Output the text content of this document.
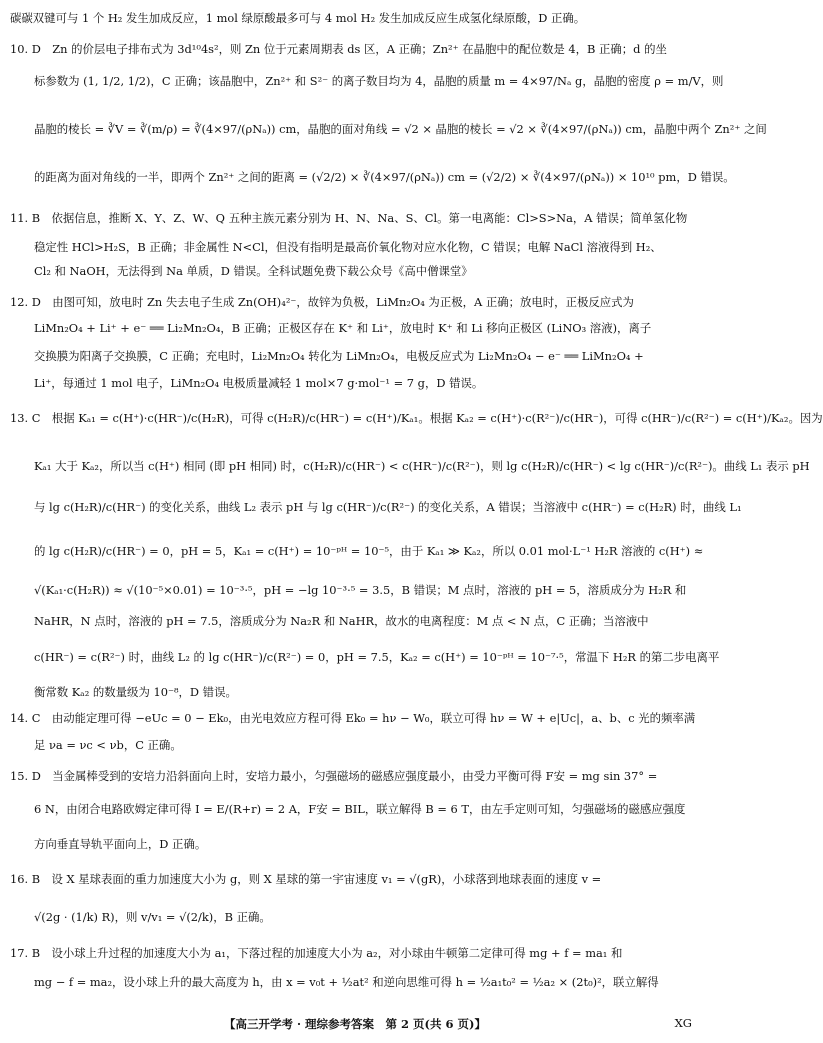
碳碳双键可与 1 个 H₂ 发生加成反应，1 mol 绿原酸最多可与 4 mol H₂ 发生加成反应生成氢化绿原酸，D 正确。
10. D　Zn 的价层电子排布式为 3d¹⁰4s²，则 Zn 位于元素周期表 ds 区，A 正确；Zn²⁺ 在晶胞中的配位数是 4，B 正确；d 的坐
标参数为 (1, 1/2, 1/2)，C 正确；该晶胞中，Zn²⁺ 和 S²⁻ 的离子数目均为 4，晶胞的质量 m = 4×97/Nₐ g，晶胞的密度 ρ = m/V，则
晶胞的棱长 = ∛V = ∛(m/ρ) = ∛(4×97/(ρNₐ)) cm，晶胞的面对角线 = √2 × 晶胞的棱长 = √2 × ∛(4×97/(ρNₐ)) cm，晶胞中两个 Zn²⁺ 之间
的距离为面对角线的一半，即两个 Zn²⁺ 之间的距离 = (√2/2) × ∛(4×97/(ρNₐ)) cm = (√2/2) × ∛(4×97/(ρNₐ)) × 10¹⁰ pm，D 错误。
11. B　依据信息，推断 X、Y、Z、W、Q 五种主族元素分别为 H、N、Na、S、Cl。第一电离能：Cl>S>Na，A 错误；简单氢化物
稳定性 HCl>H₂S，B 正确；非金属性 N<Cl，但没有指明是最高价氧化物对应水化物，C 错误；电解 NaCl 溶液得到 H₂、
Cl₂ 和 NaOH，无法得到 Na 单质，D 错误。全科试题免费下载公众号《高中僧课堂》
12. D　由图可知，放电时 Zn 失去电子生成 Zn(OH)₄²⁻，故锌为负极，LiMn₂O₄ 为正极，A 正确；放电时，正极反应式为
LiMn₂O₄ + Li⁺ + e⁻ ══ Li₂Mn₂O₄，B 正确；正极区存在 K⁺ 和 Li⁺，放电时 K⁺ 和 Li 移向正极区 (LiNO₃ 溶液)，离子
交换膜为阳离子交换膜，C 正确；充电时，Li₂Mn₂O₄ 转化为 LiMn₂O₄，电极反应式为 Li₂Mn₂O₄ − e⁻ ══ LiMn₂O₄ +
Li⁺，每通过 1 mol 电子，LiMn₂O₄ 电极质量减轻 1 mol×7 g·mol⁻¹ = 7 g，D 错误。
13. C　根据 Kₐ₁ = c(H⁺)·c(HR⁻)/c(H₂R)，可得 c(H₂R)/c(HR⁻) = c(H⁺)/Kₐ₁。根据 Kₐ₂ = c(H⁺)·c(R²⁻)/c(HR⁻)，可得 c(HR⁻)/c(R²⁻) = c(H⁺)/Kₐ₂。因为
Kₐ₁ 大于 Kₐ₂，所以当 c(H⁺) 相同 (即 pH 相同) 时，c(H₂R)/c(HR⁻) < c(HR⁻)/c(R²⁻)，则 lg c(H₂R)/c(HR⁻) < lg c(HR⁻)/c(R²⁻)。曲线 L₁ 表示 pH
与 lg c(H₂R)/c(HR⁻) 的变化关系，曲线 L₂ 表示 pH 与 lg c(HR⁻)/c(R²⁻) 的变化关系，A 错误；当溶液中 c(HR⁻) = c(H₂R) 时，曲线 L₁
的 lg c(H₂R)/c(HR⁻) = 0，pH = 5，Kₐ₁ = c(H⁺) = 10⁻ᵖᴴ = 10⁻⁵，由于 Kₐ₁ ≫ Kₐ₂，所以 0.01 mol·L⁻¹ H₂R 溶液的 c(H⁺) ≈
√(Kₐ₁·c(H₂R)) ≈ √(10⁻⁵×0.01) = 10⁻³·⁵，pH = −lg 10⁻³·⁵ = 3.5，B 错误；M 点时，溶液的 pH = 5，溶质成分为 H₂R 和
NaHR，N 点时，溶液的 pH = 7.5，溶质成分为 Na₂R 和 NaHR，故水的电离程度：M 点 < N 点，C 正确；当溶液中
c(HR⁻) = c(R²⁻) 时，曲线 L₂ 的 lg c(HR⁻)/c(R²⁻) = 0，pH = 7.5，Kₐ₂ = c(H⁺) = 10⁻ᵖᴴ = 10⁻⁷·⁵，常温下 H₂R 的第二步电离平
衡常数 Kₐ₂ 的数量级为 10⁻⁸，D 错误。
14. C　由动能定理可得 −eUc = 0 − Ek₀，由光电效应方程可得 Ek₀ = hν − W₀，联立可得 hν = W + e|Uc|，a、b、c 光的频率满
足 νa = νc < νb，C 正确。
15. D　当金属棒受到的安培力沿斜面向上时，安培力最小，匀强磁场的磁感应强度最小，由受力平衡可得 F安 = mg sin 37° =
6 N，由闭合电路欧姆定律可得 I = E/(R+r) = 2 A，F安 = BIL，联立解得 B = 6 T，由左手定则可知，匀强磁场的磁感应强度
方向垂直导轨平面向上，D 正确。
16. B　设 X 星球表面的重力加速度大小为 g，则 X 星球的第一宇宙速度 v₁ = √(gR)，小球落到地球表面的速度 v =
√(2g · (1/k) R)，则 v/v₁ = √(2/k)，B 正确。
17. B　设小球上升过程的加速度大小为 a₁，下落过程的加速度大小为 a₂，对小球由牛顿第二定律可得 mg + f = ma₁ 和
mg − f = ma₂，设小球上升的最大高度为 h，由 x = v₀t + ½at² 和逆向思维可得 h = ½a₁t₀² = ½a₂ × (2t₀)²，联立解得
【高三开学考 · 理综参考答案　第 2 页(共 6 页)】	XG
